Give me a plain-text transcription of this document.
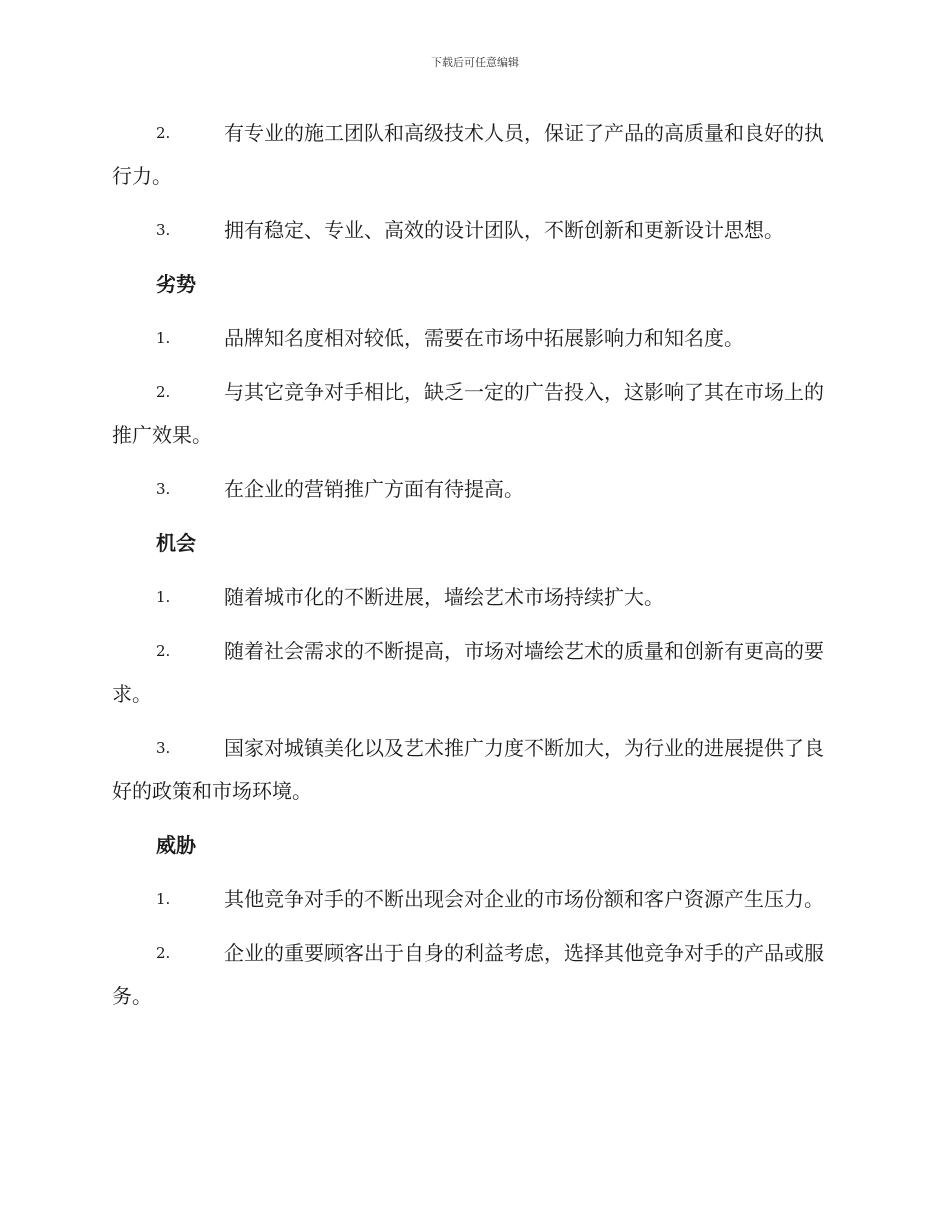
下载后可任意编辑

2.	有专业的施工团队和高级技术人员，保证了产品的高质量和良好的执行力。

3.	拥有稳定、专业、高效的设计团队，不断创新和更新设计思想。

劣势

1.	品牌知名度相对较低，需要在市场中拓展影响力和知名度。

2.	与其它竞争对手相比，缺乏一定的广告投入，这影响了其在市场上的推广效果。

3.	在企业的营销推广方面有待提高。

机会

1.	随着城市化的不断进展，墙绘艺术市场持续扩大。

2.	随着社会需求的不断提高，市场对墙绘艺术的质量和创新有更高的要求。

3.	国家对城镇美化以及艺术推广力度不断加大，为行业的进展提供了良好的政策和市场环境。

威胁

1.	其他竞争对手的不断出现会对企业的市场份额和客户资源产生压力。

2.	企业的重要顾客出于自身的利益考虑，选择其他竞争对手的产品或服务。
